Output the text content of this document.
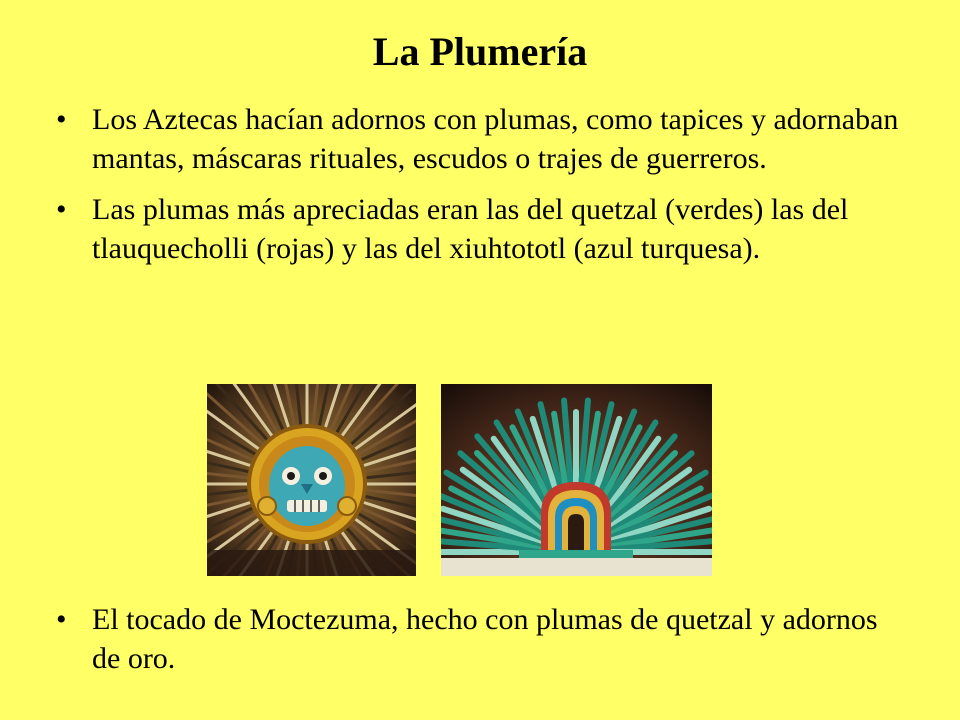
La Plumería
• Los Aztecas hacían adornos con plumas, como tapices y adornaban mantas, máscaras rituales, escudos o trajes de guerreros.
• Las plumas más apreciadas eran las del quetzal (verdes) las del tlauquecholli (rojas) y las del xiuhtototl (azul turquesa).
• El tocado de Moctezuma, hecho con plumas de quetzal y adornos de oro.
